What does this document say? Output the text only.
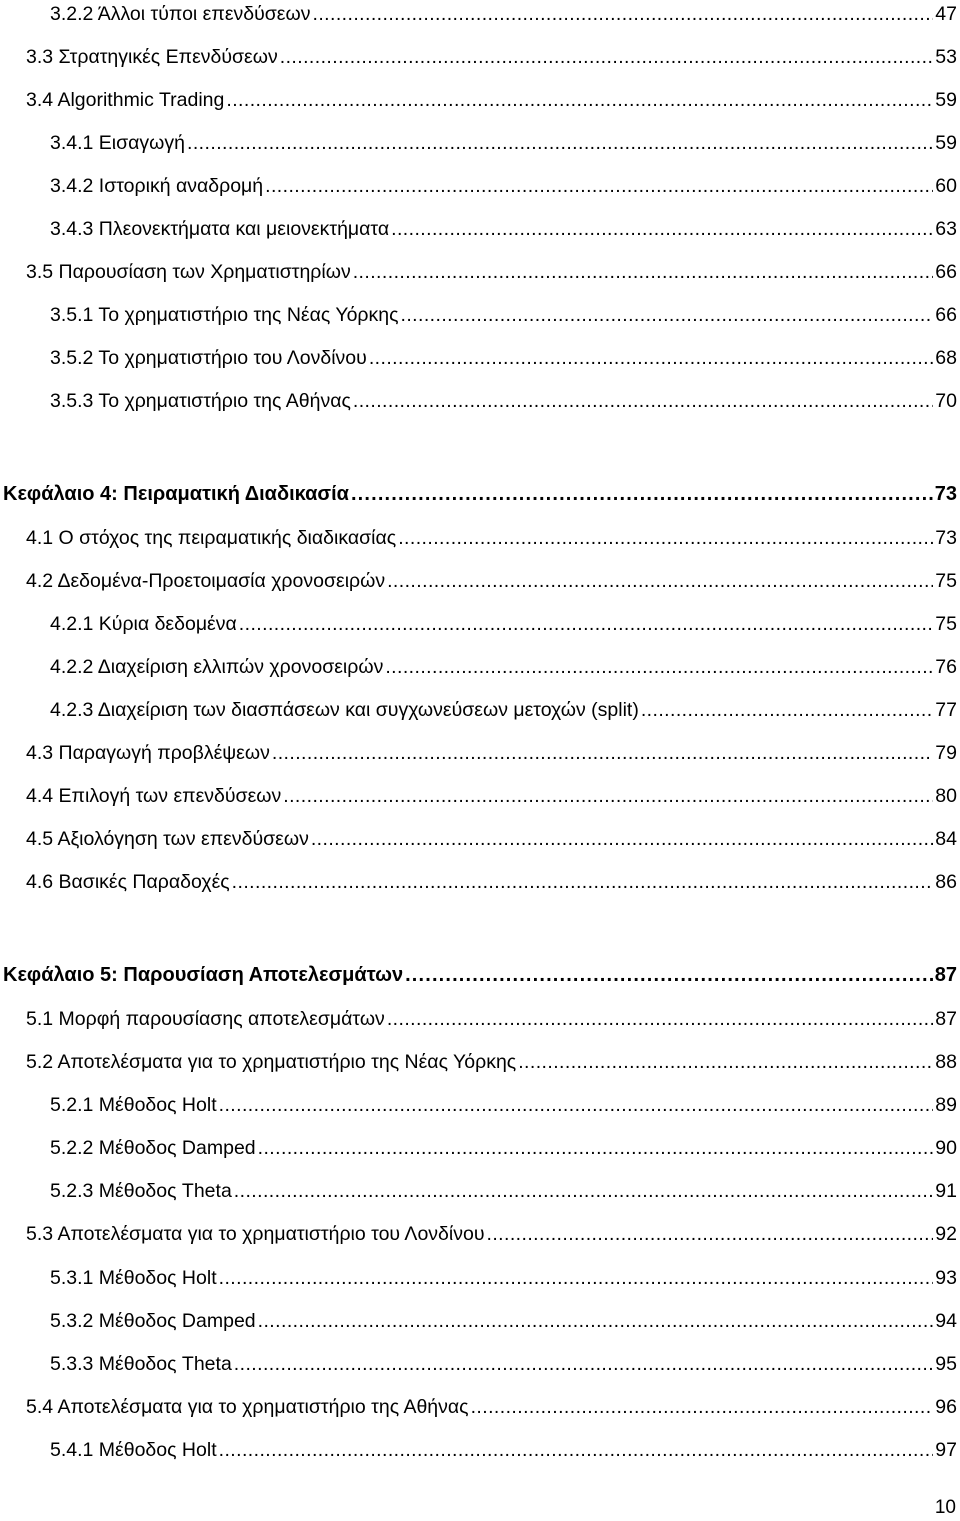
3.2.2 Άλλοι τύποι επενδύσεων . . .	47
3.3 Στρατηγικές Επενδύσεων . . .	53
3.4 Algorithmic Trading . . .	59
3.4.1 Εισαγωγή . . .	59
3.4.2 Ιστορική αναδρομή . . .	60
3.4.3 Πλεονεκτήματα και μειονεκτήματα . . .	63
3.5 Παρουσίαση των Χρηματιστηρίων . . .	66
3.5.1 Το χρηματιστήριο της Νέας Υόρκης . . .	66
3.5.2 Το χρηματιστήριο του Λονδίνου . . .	68
3.5.3 Το χρηματιστήριο της Αθήνας . . .	70
Κεφάλαιο 4: Πειραματική Διαδικασία . . .	73
4.1 Ο στόχος της πειραματικής διαδικασίας . . .	73
4.2 Δεδομένα-Προετοιμασία χρονοσειρών . . .	75
4.2.1 Κύρια δεδομένα . . .	75
4.2.2 Διαχείριση ελλιπών χρονοσειρών . . .	76
4.2.3 Διαχείριση των διασπάσεων και συγχωνεύσεων μετοχών (split) . . .	77
4.3 Παραγωγή προβλέψεων . . .	79
4.4 Επιλογή των επενδύσεων . . .	80
4.5 Αξιολόγηση των επενδύσεων . . .	84
4.6 Βασικές Παραδοχές . . .	86
Κεφάλαιο 5: Παρουσίαση Αποτελεσμάτων . . .	87
5.1 Μορφή παρουσίασης αποτελεσμάτων . . .	87
5.2 Αποτελέσματα για το χρηματιστήριο της Νέας Υόρκης . . .	88
5.2.1 Μέθοδος Holt . . .	89
5.2.2 Μέθοδος Damped . . .	90
5.2.3 Μέθοδος Theta . . .	91
5.3 Αποτελέσματα για το χρηματιστήριο του Λονδίνου . . .	92
5.3.1 Μέθοδος Holt . . .	93
5.3.2 Μέθοδος Damped . . .	94
5.3.3 Μέθοδος Theta . . .	95
5.4 Αποτελέσματα για το χρηματιστήριο της Αθήνας . . .	96
5.4.1 Μέθοδος Holt . . .	97
10
